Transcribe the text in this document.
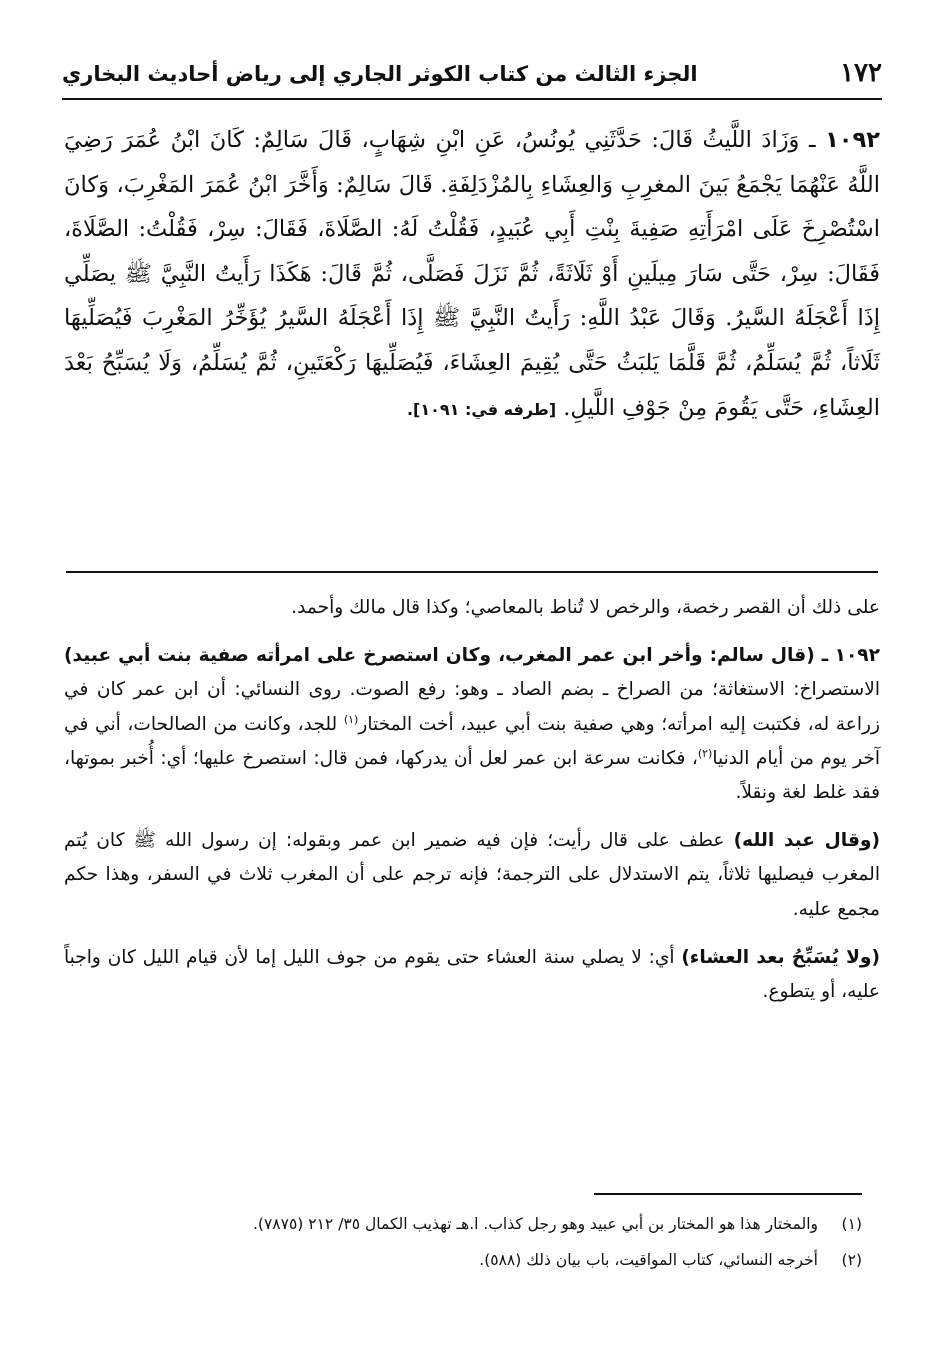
١٧٢
الجزء الثالث من كتاب الكوثر الجاري إلى رياض أحاديث البخاري
١٠٩٢ ـ وَزَادَ اللَّيثُ قَالَ: حَدَّثَنِي يُونُسُ، عَنِ ابْنِ شِهَابٍ، قَالَ سَالِمٌ: كَانَ ابْنُ عُمَرَ رَضِيَ اللَّهُ عَنْهُمَا يَجْمَعُ بَينَ المغرِبِ وَالعِشَاءِ بِالمُزْدَلِفَةِ. قَالَ سَالِمٌ: وَأَخَّرَ ابْنُ عُمَرَ المَغْرِبَ، وَكانَ اسْتُصْرِخَ عَلَى امْرَأَتِهِ صَفِيةَ بِنْتِ أَبِي عُبَيدٍ، فَقُلْتُ لَهُ: الصَّلَاةَ، فَقَالَ: سِرْ، فَقُلْتُ: الصَّلَاةَ، فَقَالَ: سِرْ، حَتَّى سَارَ مِيلَينِ أَوْ ثَلَاثَةً، ثُمَّ نَزَلَ فَصَلَّى، ثُمَّ قَالَ: هَكَذَا رَأَيتُ النَّبِيَّ ﷺ يصَلِّي إِذَا أَعْجَلَهُ السَّيرُ. وَقَالَ عَبْدُ اللَّهِ: رَأَيتُ النَّبِيَّ ﷺ إِذَا أَعْجَلَهُ السَّيرُ يُؤَخِّرُ المَغْرِبَ فَيُصَلِّيهَا ثَلَاثاً، ثُمَّ يُسَلِّمُ، ثُمَّ قَلَّمَا يَلبَثُ حَتَّى يُقِيمَ العِشَاءَ، فَيُصَلِّيهَا رَكْعَتَينِ، ثُمَّ يُسَلِّمُ، وَلَا يُسَبِّحُ بَعْدَ العِشَاءِ، حَتَّى يَقُومَ مِنْ جَوْفِ اللَّيلِ. [طرفه في: ١٠٩١].

على ذلك أن القصر رخصة، والرخص لا تُناط بالمعاصي؛ وكذا قال مالك وأحمد.

١٠٩٢ ـ (قال سالم: وأخر ابن عمر المغرب، وكان استصرخ على امرأته صفية بنت أبي عبيد) الاستصراخ: الاستغاثة؛ من الصراخ ـ بضم الصاد ـ وهو: رفع الصوت. روى النسائي: أن ابن عمر كان في زراعة له، فكتبت إليه امرأته؛ وهي صفية بنت أبي عبيد، أخت المختار$^{(١)}$ للجد، وكانت من الصالحات، أني في آخر يوم من أيام الدنيا$^{(٢)}$، فكانت سرعة ابن عمر لعل أن يدركها، فمن قال: استصرخ عليها؛ أي: أُخبر بموتها، فقد غلط لغة ونقلاً.

(وقال عبد الله) عطف على قال رأيت؛ فإن فيه ضمير ابن عمر وبقوله: إن رسول الله ﷺ كان يُتم المغرب فيصليها ثلاثاً، يتم الاستدلال على الترجمة؛ فإنه ترجم على أن المغرب ثلاث في السفر، وهذا حكم مجمع عليه.

(ولا يُسَبِّحُ بعد العشاء) أي: لا يصلي سنة العشاء حتى يقوم من جوف الليل إما لأن قيام الليل كان واجباً عليه، أو يتطوع.

(١)
والمختار هذا هو المختار بن أبي عبيد وهو رجل كذاب. ا.هـ تهذيب الكمال ٣٥/ ٢١٢ (٧٨٧٥).
(٢)
أخرجه النسائي، كتاب المواقيت، باب بيان ذلك (٥٨٨).
